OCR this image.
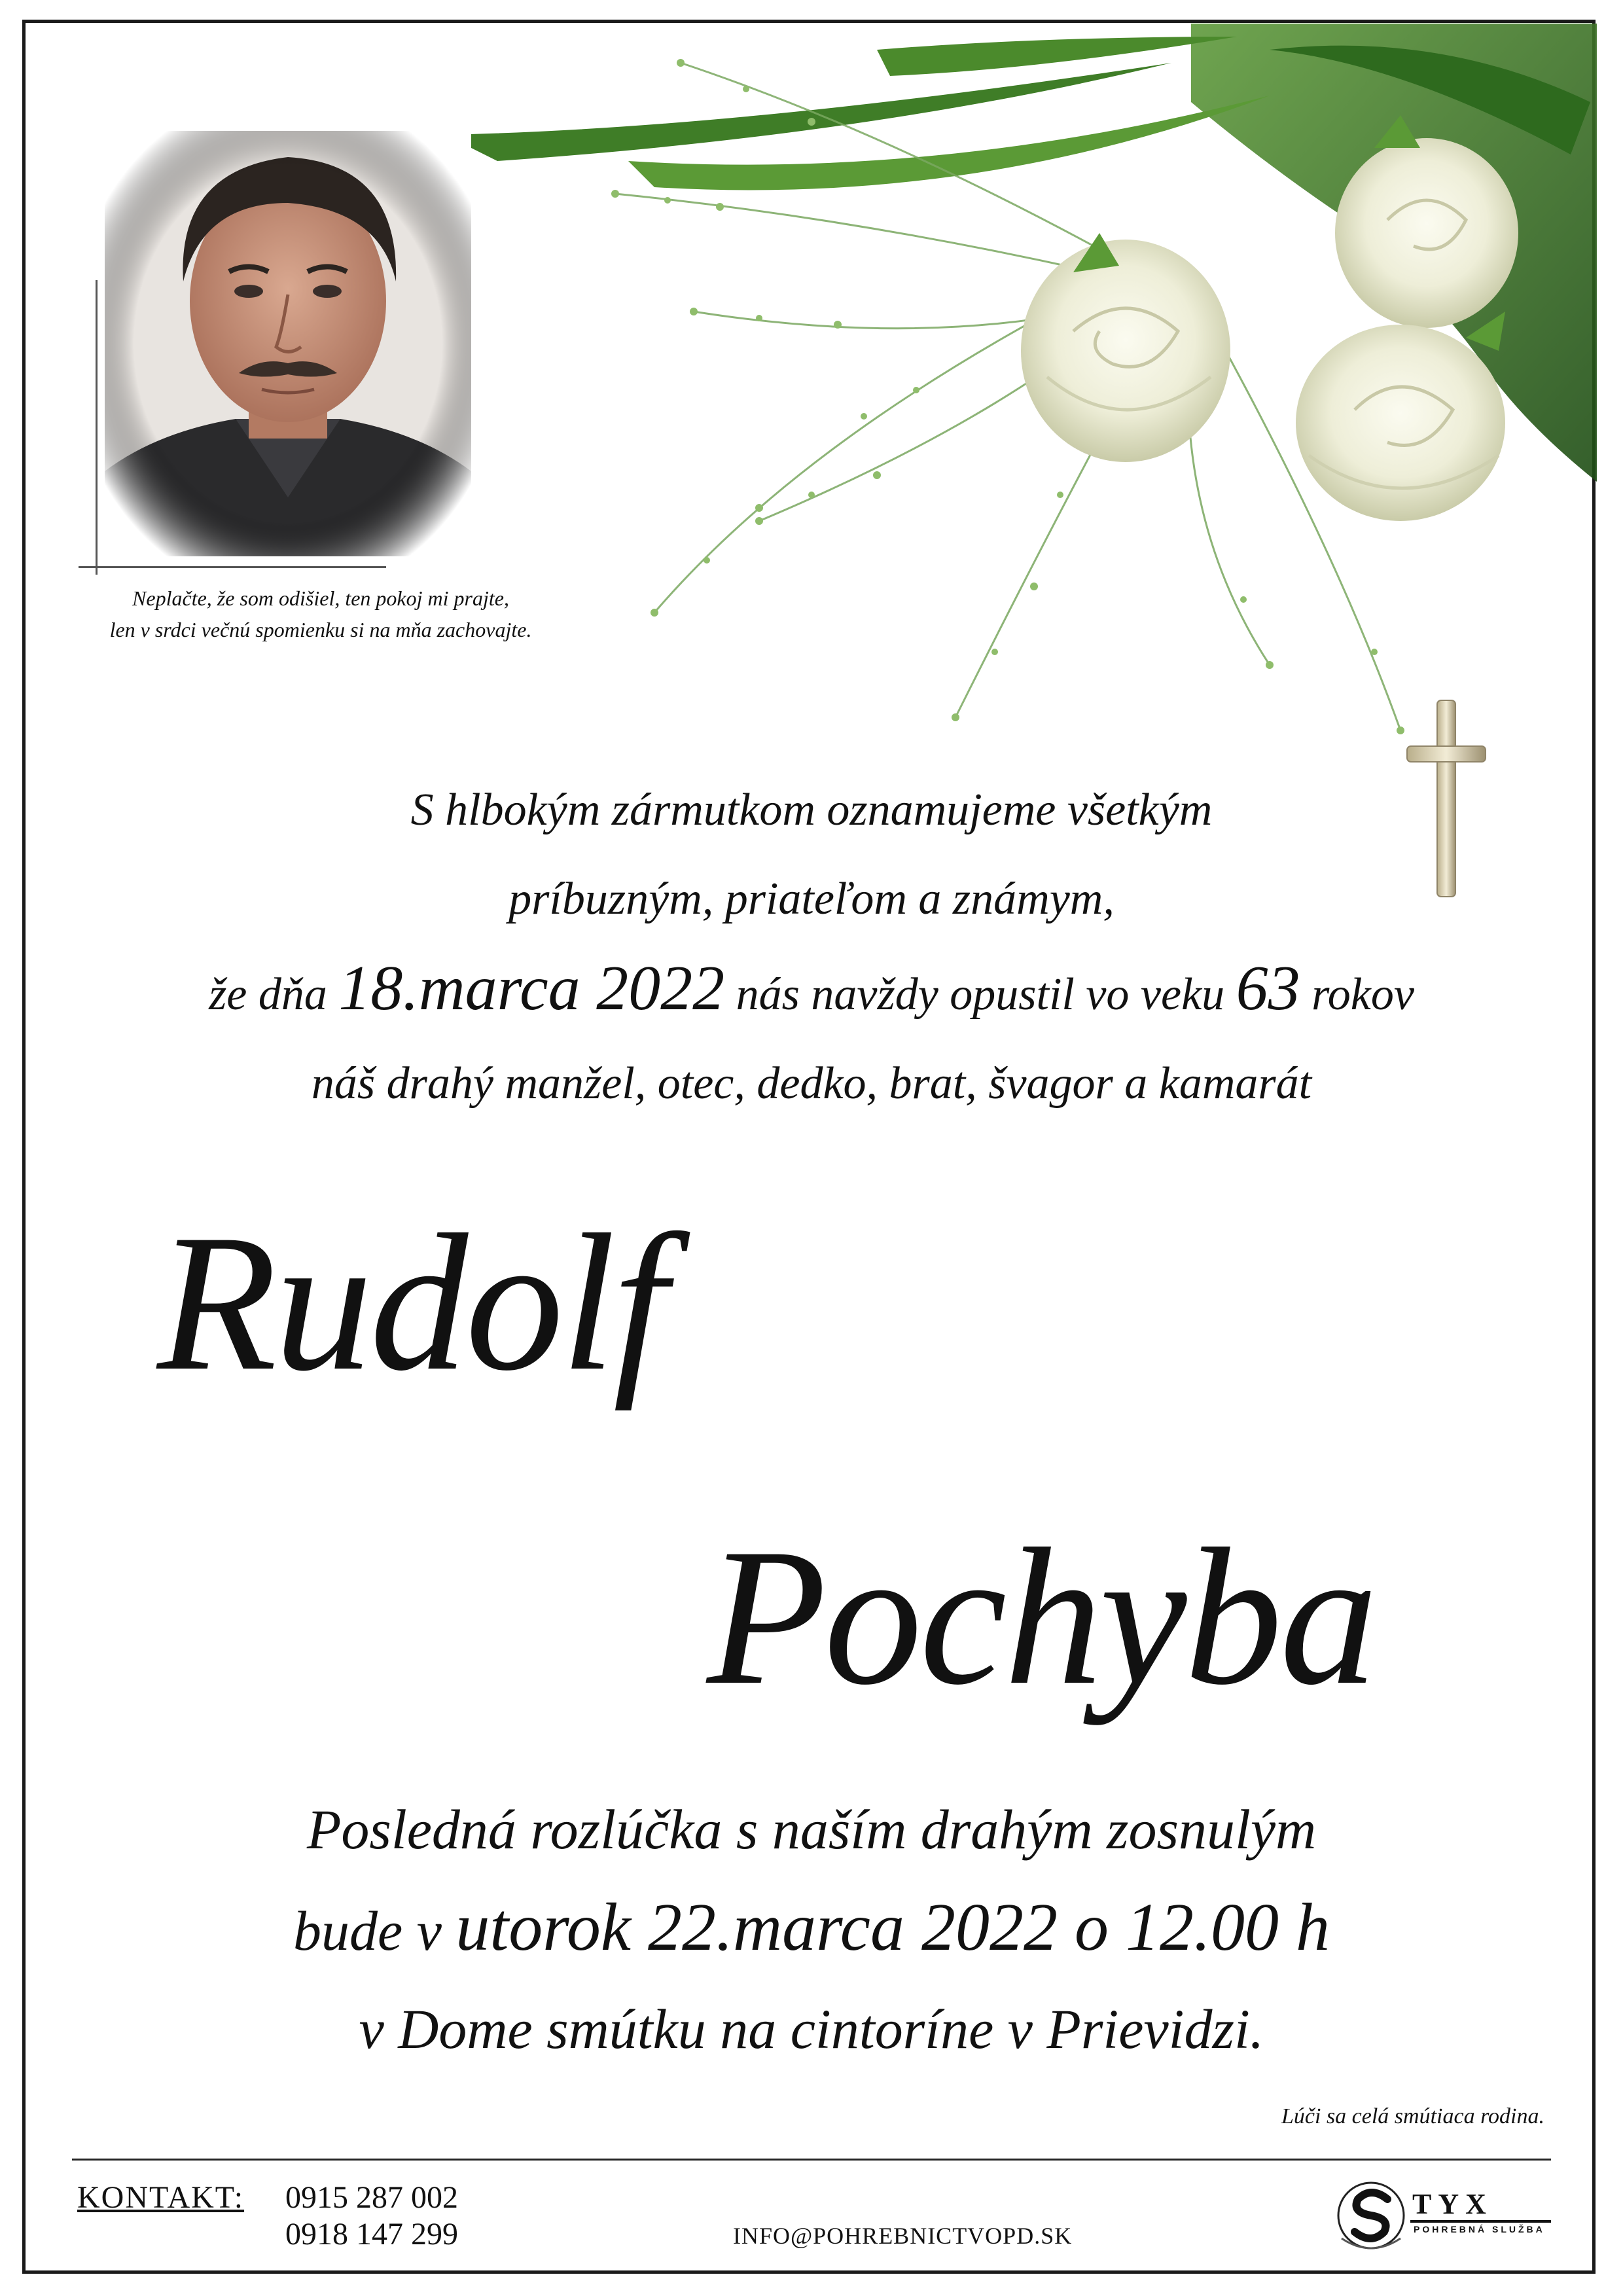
Neplačte, že som odišiel, ten pokoj mi prajte,
len v srdci večnú spomienku si na mňa zachovajte.
S hlbokým zármutkom oznamujeme všetkým
príbuzným, priateľom a známym,
že dňa 18.marca 2022 nás navždy opustil vo veku 63 rokov
náš drahý manžel, otec, dedko, brat, švagor a kamarát
Rudolf
Pochyba
Posledná rozlúčka s naším drahým zosnulým
bude v utorok 22.marca 2022 o 12.00 h
v Dome smútku na cintoríne v Prievidzi.
Lúči sa celá smútiaca rodina.
KONTAKT: 0915 287 002
0918 147 299	INFO@POHREBNICTVOPD.SK
TYX
POHREBNÁ SLUŽBA
